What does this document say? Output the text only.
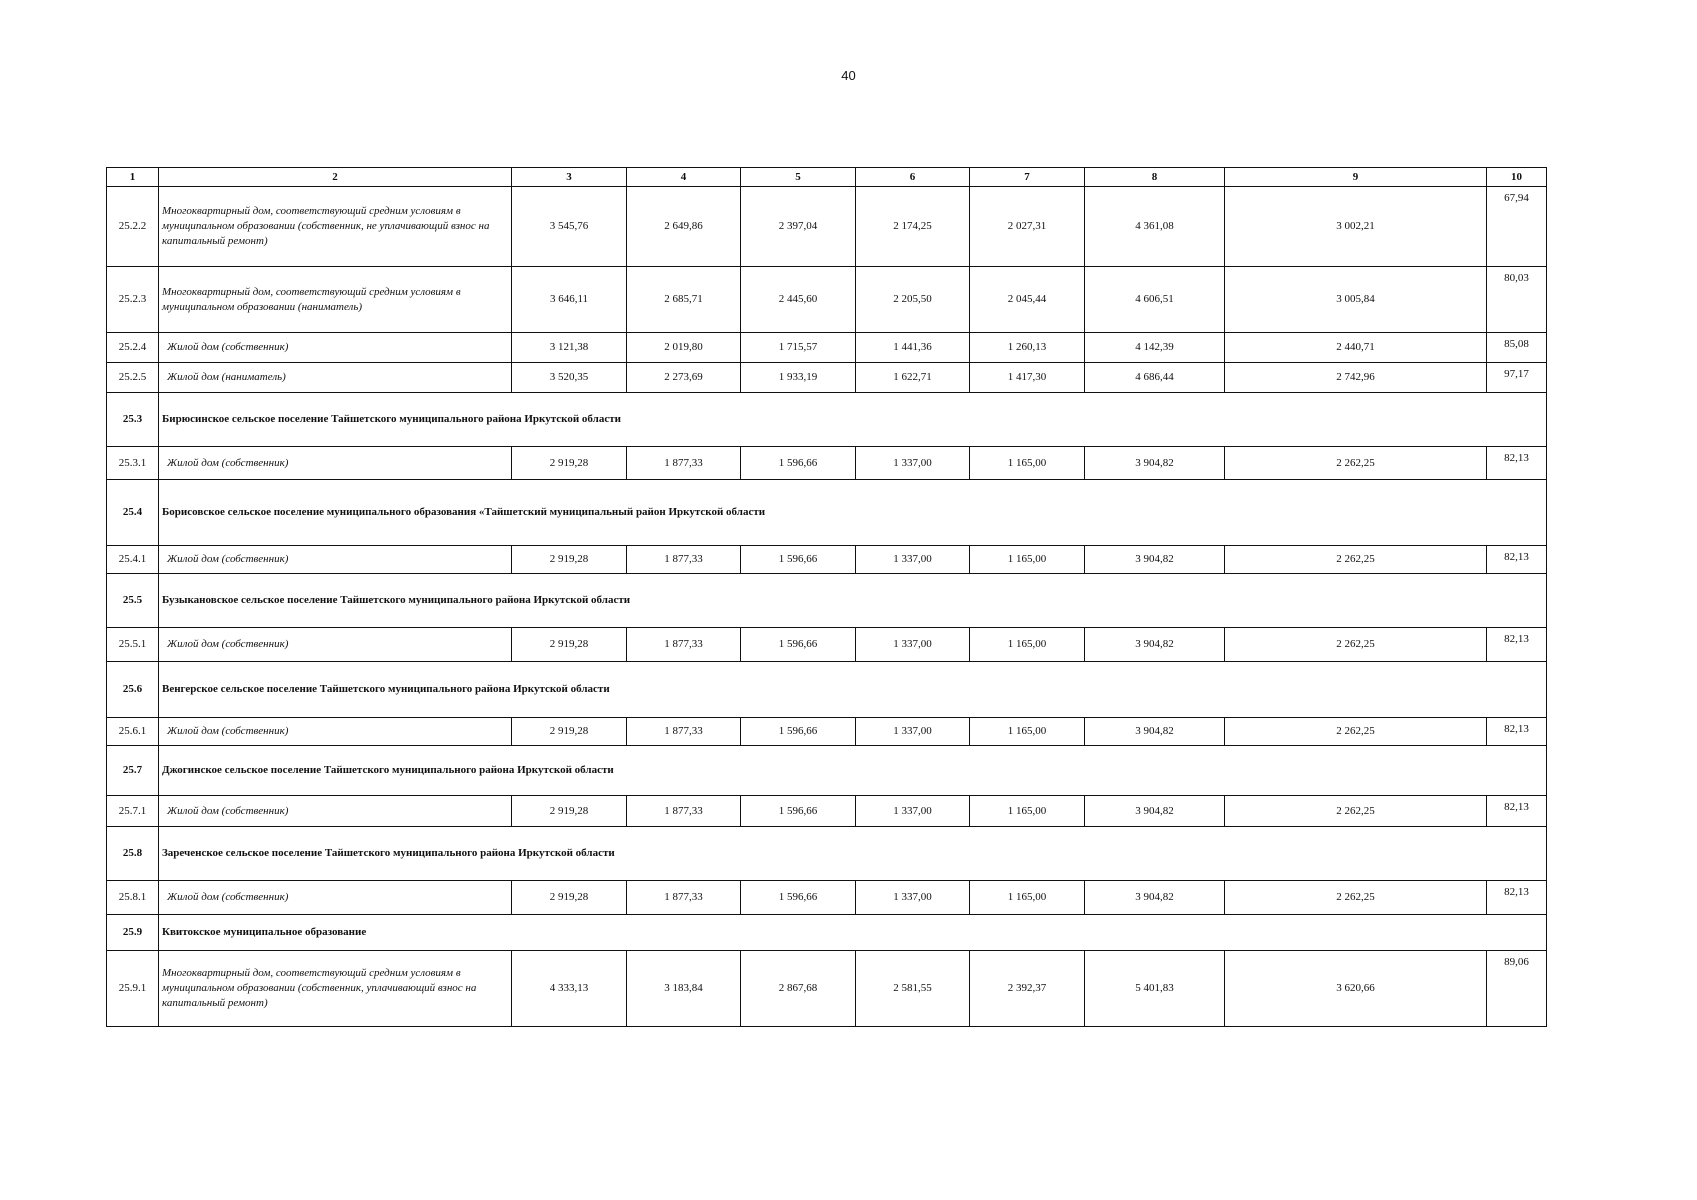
40
1	2	3	4	5	6	7	8	9	10
25.2.2	Многоквартирный дом, соответствующий средним условиям в муниципальном образовании (собственник, не уплачивающий взнос на капитальный ремонт)	3 545,76	2 649,86	2 397,04	2 174,25	2 027,31	4 361,08	3 002,21	67,94
25.2.3	Многоквартирный дом, соответствующий средним условиям в муниципальном образовании (наниматель)	3 646,11	2 685,71	2 445,60	2 205,50	2 045,44	4 606,51	3 005,84	80,03
25.2.4	Жилой дом (собственник)	3 121,38	2 019,80	1 715,57	1 441,36	1 260,13	4 142,39	2 440,71	85,08
25.2.5	Жилой дом (наниматель)	3 520,35	2 273,69	1 933,19	1 622,71	1 417,30	4 686,44	2 742,96	97,17
25.3	Бирюсинское сельское поселение Тайшетского муниципального района Иркутской области								
25.3.1	Жилой дом (собственник)	2 919,28	1 877,33	1 596,66	1 337,00	1 165,00	3 904,82	2 262,25	82,13
25.4	Борисовское сельское поселение муниципального образования «Тайшетский муниципальный район Иркутской области								
25.4.1	Жилой дом (собственник)	2 919,28	1 877,33	1 596,66	1 337,00	1 165,00	3 904,82	2 262,25	82,13
25.5	Бузыкановское сельское поселение Тайшетского муниципального района Иркутской области								
25.5.1	Жилой дом (собственник)	2 919,28	1 877,33	1 596,66	1 337,00	1 165,00	3 904,82	2 262,25	82,13
25.6	Венгерское сельское поселение Тайшетского муниципального района Иркутской области								
25.6.1	Жилой дом (собственник)	2 919,28	1 877,33	1 596,66	1 337,00	1 165,00	3 904,82	2 262,25	82,13
25.7	Джогинское сельское поселение Тайшетского муниципального района Иркутской области								
25.7.1	Жилой дом (собственник)	2 919,28	1 877,33	1 596,66	1 337,00	1 165,00	3 904,82	2 262,25	82,13
25.8	Зареченское сельское поселение Тайшетского муниципального района Иркутской области								
25.8.1	Жилой дом (собственник)	2 919,28	1 877,33	1 596,66	1 337,00	1 165,00	3 904,82	2 262,25	82,13
25.9	Квитокское муниципальное образование								
25.9.1	Многоквартирный дом, соответствующий средним условиям в муниципальном образовании (собственник, уплачивающий взнос на капитальный ремонт)	4 333,13	3 183,84	2 867,68	2 581,55	2 392,37	5 401,83	3 620,66	89,06
